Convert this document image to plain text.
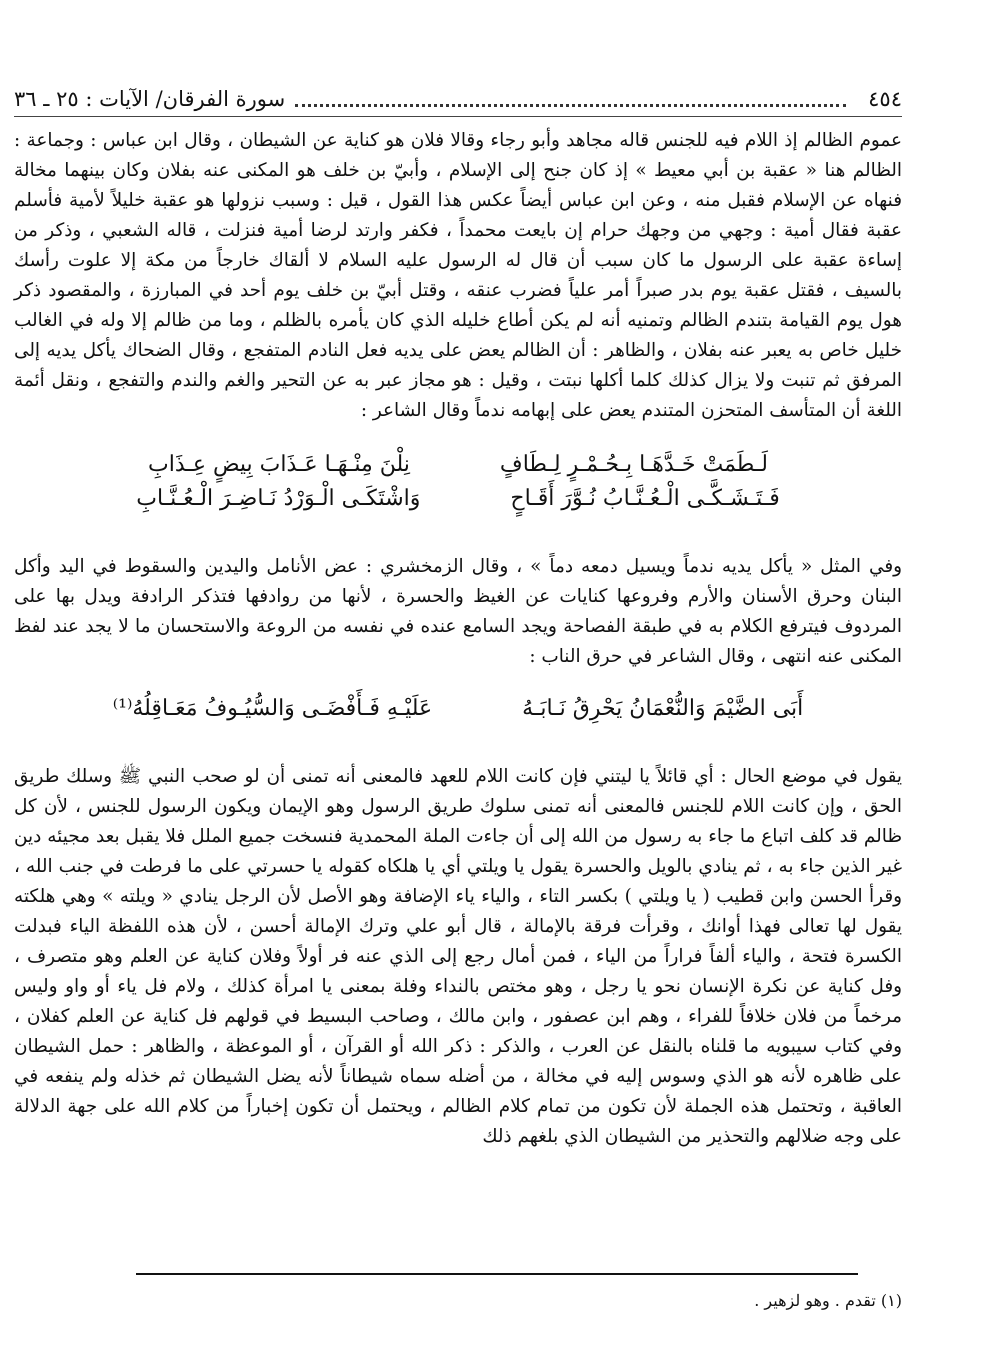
٤٥٤
سورة الفرقان/ الآيات : ٢٥ ـ ٣٦

عموم الظالم إذ اللام فيه للجنس قاله مجاهد وأبو رجاء وقالا فلان هو كناية عن الشيطان ، وقال ابن عباس : وجماعة : الظالم هنا « عقبة بن أبي معيط » إذ كان جنح إلى الإسلام ، وأبيّ بن خلف هو المكنى عنه بفلان وكان بينهما مخالة فنهاه عن الإسلام فقبل منه ، وعن ابن عباس أيضاً عكس هذا القول ، قيل : وسبب نزولها هو عقبة خليلاً لأمية فأسلم عقبة فقال أمية : وجهي من وجهك حرام إن بايعت محمداً ، فكفر وارتد لرضا أمية فنزلت ، قاله الشعبي ، وذكر من إساءة عقبة على الرسول ما كان سبب أن قال له الرسول عليه السلام لا ألقاك خارجاً من مكة إلا علوت رأسك بالسيف ، فقتل عقبة يوم بدر صبراً أمر علياً فضرب عنقه ، وقتل أبيّ بن خلف يوم أحد في المبارزة ، والمقصود ذكر هول يوم القيامة بتندم الظالم وتمنيه أنه لم يكن أطاع خليله الذي كان يأمره بالظلم ، وما من ظالم إلا وله في الغالب خليل خاص به يعبر عنه بفلان ، والظاهر : أن الظالم يعض على يديه فعل النادم المتفجع ، وقال الضحاك يأكل يديه إلى المرفق ثم تنبت ولا يزال كذلك كلما أكلها نبتت ، وقيل : هو مجاز عبر به عن التحير والغم والندم والتفجع ، ونقل أئمة اللغة أن المتأسف المتحزن المتندم يعض على إبهامه ندماً وقال الشاعر :

لَـطَمَتْ خَـدَّهَـا بِـحُـمْـرٍ لِـطَافٍ
نِلْنَ مِنْـهَـا عَـذَابَ بِيضٍ عِـذَابِ
فَـتَـشَـكَّـى الْـعُـنَّـابُ نُـوَّرَ أَقَـاحٍ
وَاشْتَكَـى الْـوَرْدُ نَـاضِـرَ الْـعُـنَّـابِ

وفي المثل « يأكل يديه ندماً ويسيل دمعه دماً » ، وقال الزمخشري : عض الأنامل واليدين والسقوط في اليد وأكل البنان وحرق الأسنان والأرم وفروعها كنايات عن الغيظ والحسرة ، لأنها من روادفها فتذكر الرادفة ويدل بها على المردوف فيترفع الكلام به في طبقة الفصاحة ويجد السامع عنده في نفسه من الروعة والاستحسان ما لا يجد عند لفظ المكنى عنه انتهى ، وقال الشاعر في حرق الناب :

أَبَى الضَّيْمَ وَالنُّعْمَانُ يَحْرِقُ نَـابَـهُ
عَلَيْـهِ فَـأَفْضَـى وَالسُّيُـوفُ مَعَـاقِلُهُ⁽¹⁾

يقول في موضع الحال : أي قائلاً يا ليتني فإن كانت اللام للعهد فالمعنى أنه تمنى أن لو صحب النبي ﷺ وسلك طريق الحق ، وإن كانت اللام للجنس فالمعنى أنه تمنى سلوك طريق الرسول وهو الإيمان ويكون الرسول للجنس ، لأن كل ظالم قد كلف اتباع ما جاء به رسول من الله إلى أن جاءت الملة المحمدية فنسخت جميع الملل فلا يقبل بعد مجيئه دين غير الذين جاء به ، ثم ينادي بالويل والحسرة يقول يا ويلتي أي يا هلكاه كقوله يا حسرتي على ما فرطت في جنب الله ، وقرأ الحسن وابن قطيب ( يا ويلتي ) بكسر التاء ، والياء ياء الإضافة وهو الأصل لأن الرجل ينادي « ويلته » وهي هلكته يقول لها تعالى فهذا أوانك ، وقرأت فرقة بالإمالة ، قال أبو علي وترك الإمالة أحسن ، لأن هذه اللفظة الياء فبدلت الكسرة فتحة ، والياء ألفاً فراراً من الياء ، فمن أمال رجع إلى الذي عنه فر أولاً وفلان كناية عن العلم وهو متصرف ، وفل كناية عن نكرة الإنسان نحو يا رجل ، وهو مختص بالنداء وفلة بمعنى يا امرأة كذلك ، ولام فل ياء أو واو وليس مرخماً من فلان خلافاً للفراء ، وهم ابن عصفور ، وابن مالك ، وصاحب البسيط في قولهم فل كناية عن العلم كفلان ، وفي كتاب سيبويه ما قلناه بالنقل عن العرب ، والذكر : ذكر الله أو القرآن ، أو الموعظة ، والظاهر : حمل الشيطان على ظاهره لأنه هو الذي وسوس إليه في مخالة ، من أضله سماه شيطاناً لأنه يضل الشيطان ثم خذله ولم ينفعه في العاقبة ، وتحتمل هذه الجملة لأن تكون من تمام كلام الظالم ، ويحتمل أن تكون إخباراً من كلام الله على جهة الدلالة على وجه ضلالهم والتحذير من الشيطان الذي بلغهم ذلك

(١) تقدم . وهو لزهير .
